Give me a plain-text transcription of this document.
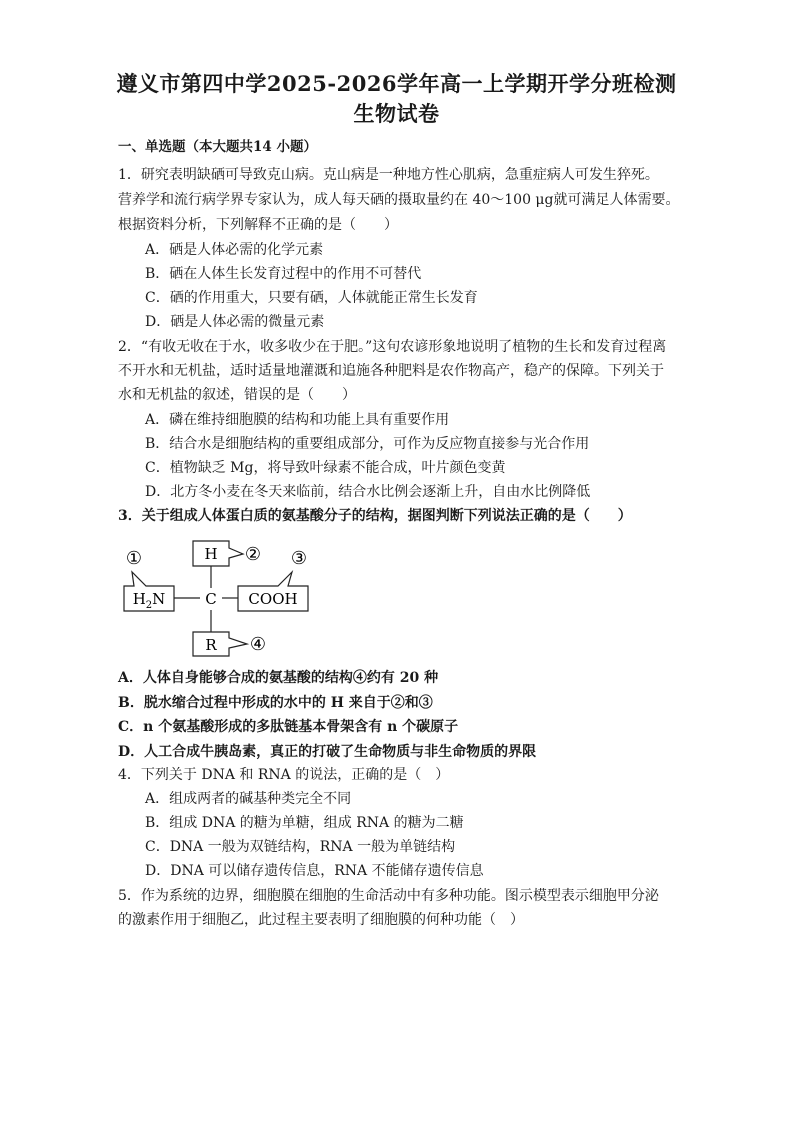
遵义市第四中学2025-2026学年高一上学期开学分班检测
生物试卷
一、单选题（本大题共14 小题）
1．研究表明缺硒可导致克山病。克山病是一种地方性心肌病，急重症病人可发生猝死。
营养学和流行病学界专家认为，成人每天硒的摄取量约在 40～100 μg就可满足人体需要。
根据资料分析，下列解释不正确的是（　　）
A．硒是人体必需的化学元素
B．硒在人体生长发育过程中的作用不可替代
C．硒的作用重大，只要有硒，人体就能正常生长发育
D．硒是人体必需的微量元素
2．“有收无收在于水，收多收少在于肥。”这句农谚形象地说明了植物的生长和发育过程离
不开水和无机盐，适时适量地灌溉和追施各种肥料是农作物高产，稳产的保障。下列关于
水和无机盐的叙述，错误的是（　　）
A．磷在维持细胞膜的结构和功能上具有重要作用
B．结合水是细胞结构的重要组成部分，可作为反应物直接参与光合作用
C．植物缺乏 Mg，将导致叶绿素不能合成，叶片颜色变黄
D．北方冬小麦在冬天来临前，结合水比例会逐渐上升，自由水比例降低
3．关于组成人体蛋白质的氨基酸分子的结构，据图判断下列说法正确的是（　　）
C
H ②
$H_2N$
①
COOH
③
R ④
A．人体自身能够合成的氨基酸的结构④约有 20 种
B．脱水缩合过程中形成的水中的 H 来自于②和③
C．n 个氨基酸形成的多肽链基本骨架含有 n 个碳原子
D．人工合成牛胰岛素，真正的打破了生命物质与非生命物质的界限
4．下列关于 DNA 和 RNA 的说法，正确的是（　）
A．组成两者的碱基种类完全不同
B．组成 DNA 的糖为单糖，组成 RNA 的糖为二糖
C．DNA 一般为双链结构，RNA 一般为单链结构
D．DNA 可以储存遗传信息，RNA 不能储存遗传信息
5．作为系统的边界，细胞膜在细胞的生命活动中有多种功能。图示模型表示细胞甲分泌
的激素作用于细胞乙，此过程主要表明了细胞膜的何种功能（　）
